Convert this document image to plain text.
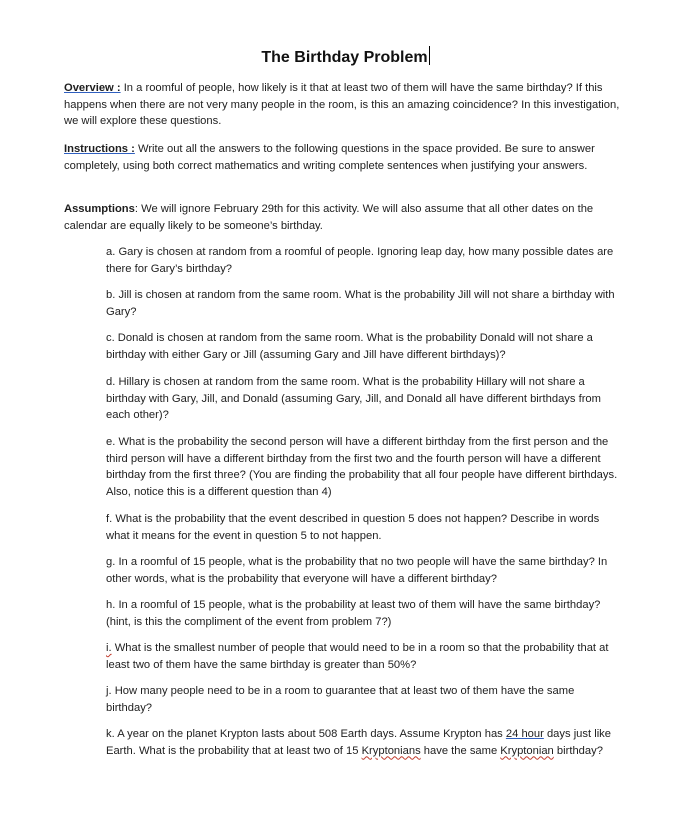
The Birthday Problem
Overview : In a roomful of people, how likely is it that at least two of them will have the same birthday? If this happens when there are not very many people in the room, is this an amazing coincidence? In this investigation, we will explore these questions.
Instructions : Write out all the answers to the following questions in the space provided. Be sure to answer completely, using both correct mathematics and writing complete sentences when justifying your answers.
Assumptions: We will ignore February 29th for this activity. We will also assume that all other dates on the calendar are equally likely to be someone’s birthday.
a. Gary is chosen at random from a roomful of people. Ignoring leap day, how many possible dates are there for Gary’s birthday?
b. Jill is chosen at random from the same room. What is the probability Jill will not share a birthday with Gary?
c. Donald is chosen at random from the same room. What is the probability Donald will not share a birthday with either Gary or Jill (assuming Gary and Jill have different birthdays)?
d. Hillary is chosen at random from the same room. What is the probability Hillary will not share a birthday with Gary, Jill, and Donald (assuming Gary, Jill, and Donald all have different birthdays from each other)?
e. What is the probability the second person will have a different birthday from the first person and the third person will have a different birthday from the first two and the fourth person will have a different birthday from the first three? (You are finding the probability that all four people have different birthdays. Also, notice this is a different question than 4)
f. What is the probability that the event described in question 5 does not happen? Describe in words what it means for the event in question 5 to not happen.
g. In a roomful of 15 people, what is the probability that no two people will have the same birthday? In other words, what is the probability that everyone will have a different birthday?
h. In a roomful of 15 people, what is the probability at least two of them will have the same birthday? (hint, is this the compliment of the event from problem 7?)
i. What is the smallest number of people that would need to be in a room so that the probability that at least two of them have the same birthday is greater than 50%?
j. How many people need to be in a room to guarantee that at least two of them have the same birthday?
k. A year on the planet Krypton lasts about 508 Earth days. Assume Krypton has 24 hour days just like Earth. What is the probability that at least two of 15 Kryptonians have the same Kryptonian birthday?
